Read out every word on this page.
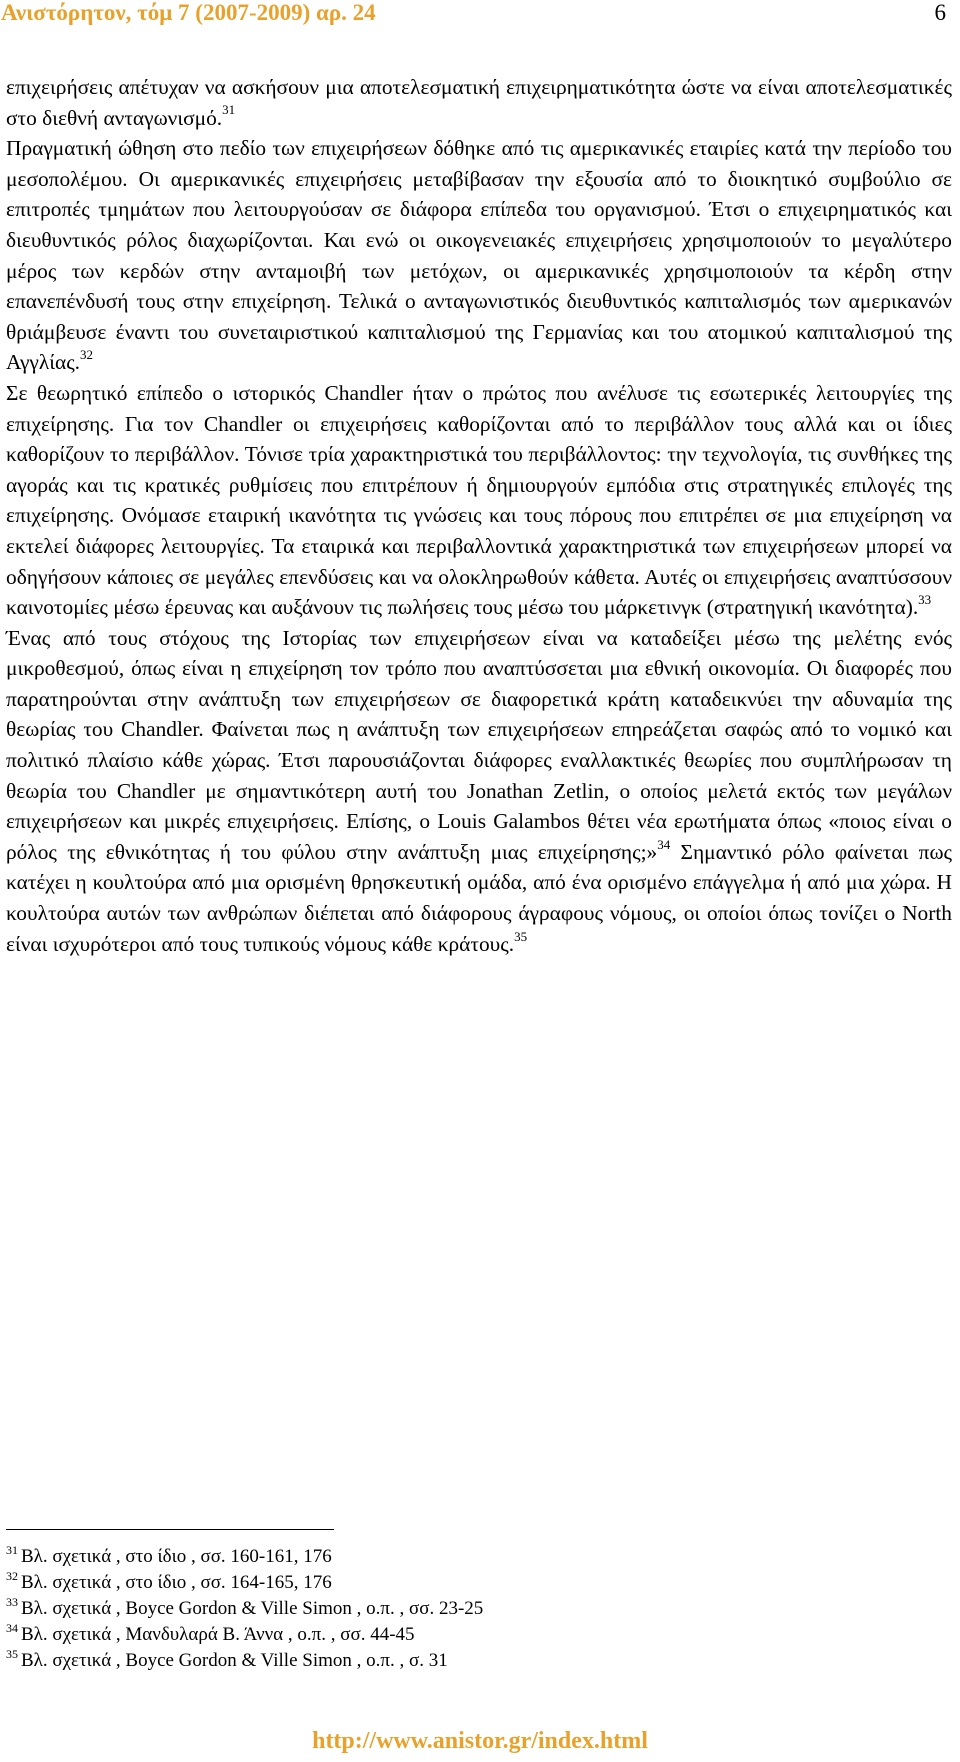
Ανιστόρητον, τόμ 7 (2007-2009) αρ. 24	6

επιχειρήσεις απέτυχαν να ασκήσουν μια αποτελεσματική επιχειρηματικότητα ώστε να είναι αποτελεσματικές στο διεθνή ανταγωνισμό.$^{31}$

Πραγματική ώθηση στο πεδίο των επιχειρήσεων δόθηκε από τις αμερικανικές εταιρίες κατά την περίοδο του μεσοπολέμου. Οι αμερικανικές επιχειρήσεις μεταβίβασαν την εξουσία από το διοικητικό συμβούλιο σε επιτροπές τμημάτων που λειτουργούσαν σε διάφορα επίπεδα του οργανισμού. Έτσι ο επιχειρηματικός και διευθυντικός ρόλος διαχωρίζονται. Και ενώ οι οικογενειακές επιχειρήσεις χρησιμοποιούν το μεγαλύτερο μέρος των κερδών στην ανταμοιβή των μετόχων, οι αμερικανικές χρησιμοποιούν τα κέρδη στην επανεπένδυσή τους στην επιχείρηση. Τελικά ο ανταγωνιστικός διευθυντικός καπιταλισμός των αμερικανών θριάμβευσε έναντι του συνεταιριστικού καπιταλισμού της Γερμανίας και του ατομικού καπιταλισμού της Αγγλίας.$^{32}$

Σε θεωρητικό επίπεδο ο ιστορικός Chandler ήταν ο πρώτος που ανέλυσε τις εσωτερικές λειτουργίες της επιχείρησης. Για τον Chandler οι επιχειρήσεις καθορίζονται από το περιβάλλον τους αλλά και οι ίδιες καθορίζουν το περιβάλλον. Τόνισε τρία χαρακτηριστικά του περιβάλλοντος: την τεχνολογία, τις συνθήκες της αγοράς και τις κρατικές ρυθμίσεις που επιτρέπουν ή δημιουργούν εμπόδια στις στρατηγικές επιλογές της επιχείρησης. Ονόμασε εταιρική ικανότητα τις γνώσεις και τους πόρους που επιτρέπει σε μια επιχείρηση να εκτελεί διάφορες λειτουργίες. Τα εταιρικά και περιβαλλοντικά χαρακτηριστικά των επιχειρήσεων μπορεί να οδηγήσουν κάποιες σε μεγάλες επενδύσεις και να ολοκληρωθούν κάθετα. Αυτές οι επιχειρήσεις αναπτύσσουν καινοτομίες μέσω έρευνας και αυξάνουν τις πωλήσεις τους μέσω του μάρκετινγκ (στρατηγική ικανότητα).$^{33}$

Ένας από τους στόχους της Ιστορίας των επιχειρήσεων είναι να καταδείξει μέσω της μελέτης ενός μικροθεσμού, όπως είναι η επιχείρηση τον τρόπο που αναπτύσσεται μια εθνική οικονομία. Οι διαφορές που παρατηρούνται στην ανάπτυξη των επιχειρήσεων σε διαφορετικά κράτη καταδεικνύει την αδυναμία της θεωρίας του Chandler. Φαίνεται πως η ανάπτυξη των επιχειρήσεων επηρεάζεται σαφώς από το νομικό και πολιτικό πλαίσιο κάθε χώρας. Έτσι παρουσιάζονται διάφορες εναλλακτικές θεωρίες που συμπλήρωσαν τη θεωρία του Chandler με σημαντικότερη αυτή του Jonathan Zetlin, ο οποίος μελετά εκτός των μεγάλων επιχειρήσεων και μικρές επιχειρήσεις. Επίσης, ο Louis Galambos θέτει νέα ερωτήματα όπως «ποιος είναι ο ρόλος της εθνικότητας ή του φύλου στην ανάπτυξη μιας επιχείρησης;»$^{34}$ Σημαντικό ρόλο φαίνεται πως κατέχει η κουλτούρα από μια ορισμένη θρησκευτική ομάδα, από ένα ορισμένο επάγγελμα ή από μια χώρα. Η κουλτούρα αυτών των ανθρώπων διέπεται από διάφορους άγραφους νόμους, οι οποίοι όπως τονίζει ο North είναι ισχυρότεροι από τους τυπικούς νόμους κάθε κράτους.$^{35}$

$^{31}$ Βλ. σχετικά , στο ίδιο , σσ. 160-161, 176
$^{32}$ Βλ. σχετικά , στο ίδιο , σσ. 164-165, 176
$^{33}$ Βλ. σχετικά , Boyce Gordon & Ville Simon , ο.π. , σσ. 23-25
$^{34}$ Βλ. σχετικά , Μανδυλαρά Β. Άννα , ο.π. , σσ. 44-45
$^{35}$ Βλ. σχετικά , Boyce Gordon & Ville Simon , ο.π. , σ. 31
http://www.anistor.gr/index.html
